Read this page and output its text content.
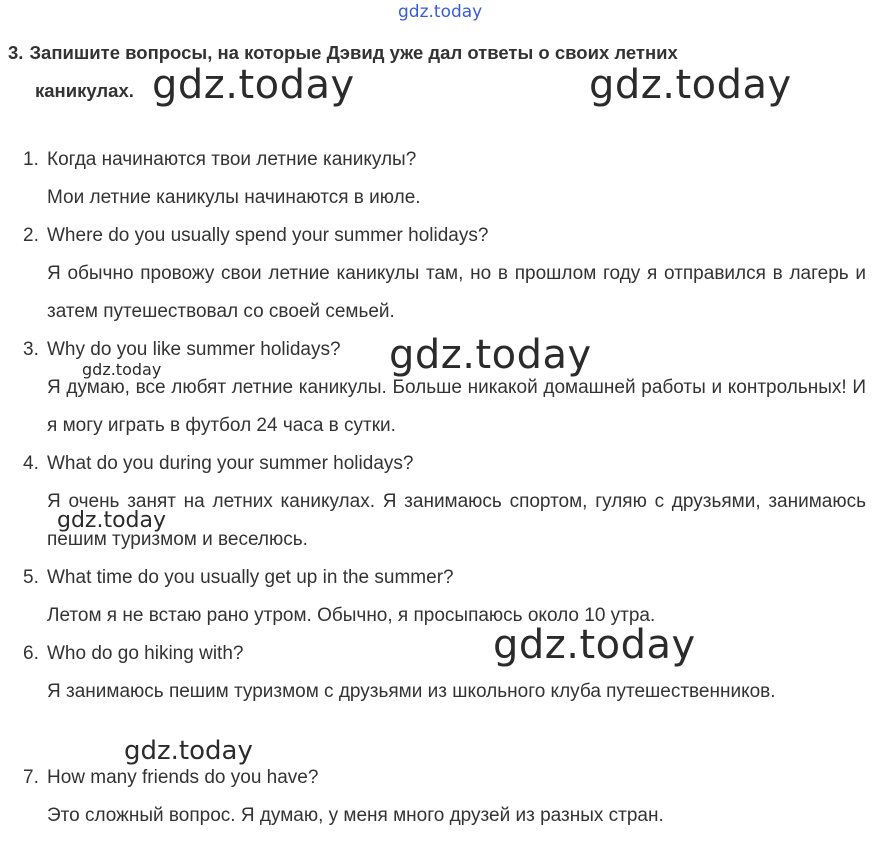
gdz.today
gdz.today	gdz.today
gdz.today
gdz.today
gdz.today
gdz.today
gdz.today
3. Запишите вопросы, на которые Дэвид уже дал ответы о своих летних
каникулах.
1. Когда начинаются твои летние каникулы?
Мои летние каникулы начинаются в июле.
2. Where do you usually spend your summer holidays?
Я обычно провожу свои летние каникулы там, но в прошлом году я отправился в лагерь и затем путешествовал со своей семьей.
3. Why do you like summer holidays?
Я думаю, все любят летние каникулы. Больше никакой домашней работы и контрольных! И я могу играть в футбол 24 часа в сутки.
4. What do you during your summer holidays?
Я очень занят на летних каникулах. Я занимаюсь спортом, гуляю с друзьями, занимаюсь пешим туризмом и веселюсь.
5. What time do you usually get up in the summer?
Летом я не встаю рано утром. Обычно, я просыпаюсь около 10 утра.
6. Who do go hiking with?
Я занимаюсь пешим туризмом с друзьями из школьного клуба путешественников.
7. How many friends do you have?
Это сложный вопрос. Я думаю, у меня много друзей из разных стран.
